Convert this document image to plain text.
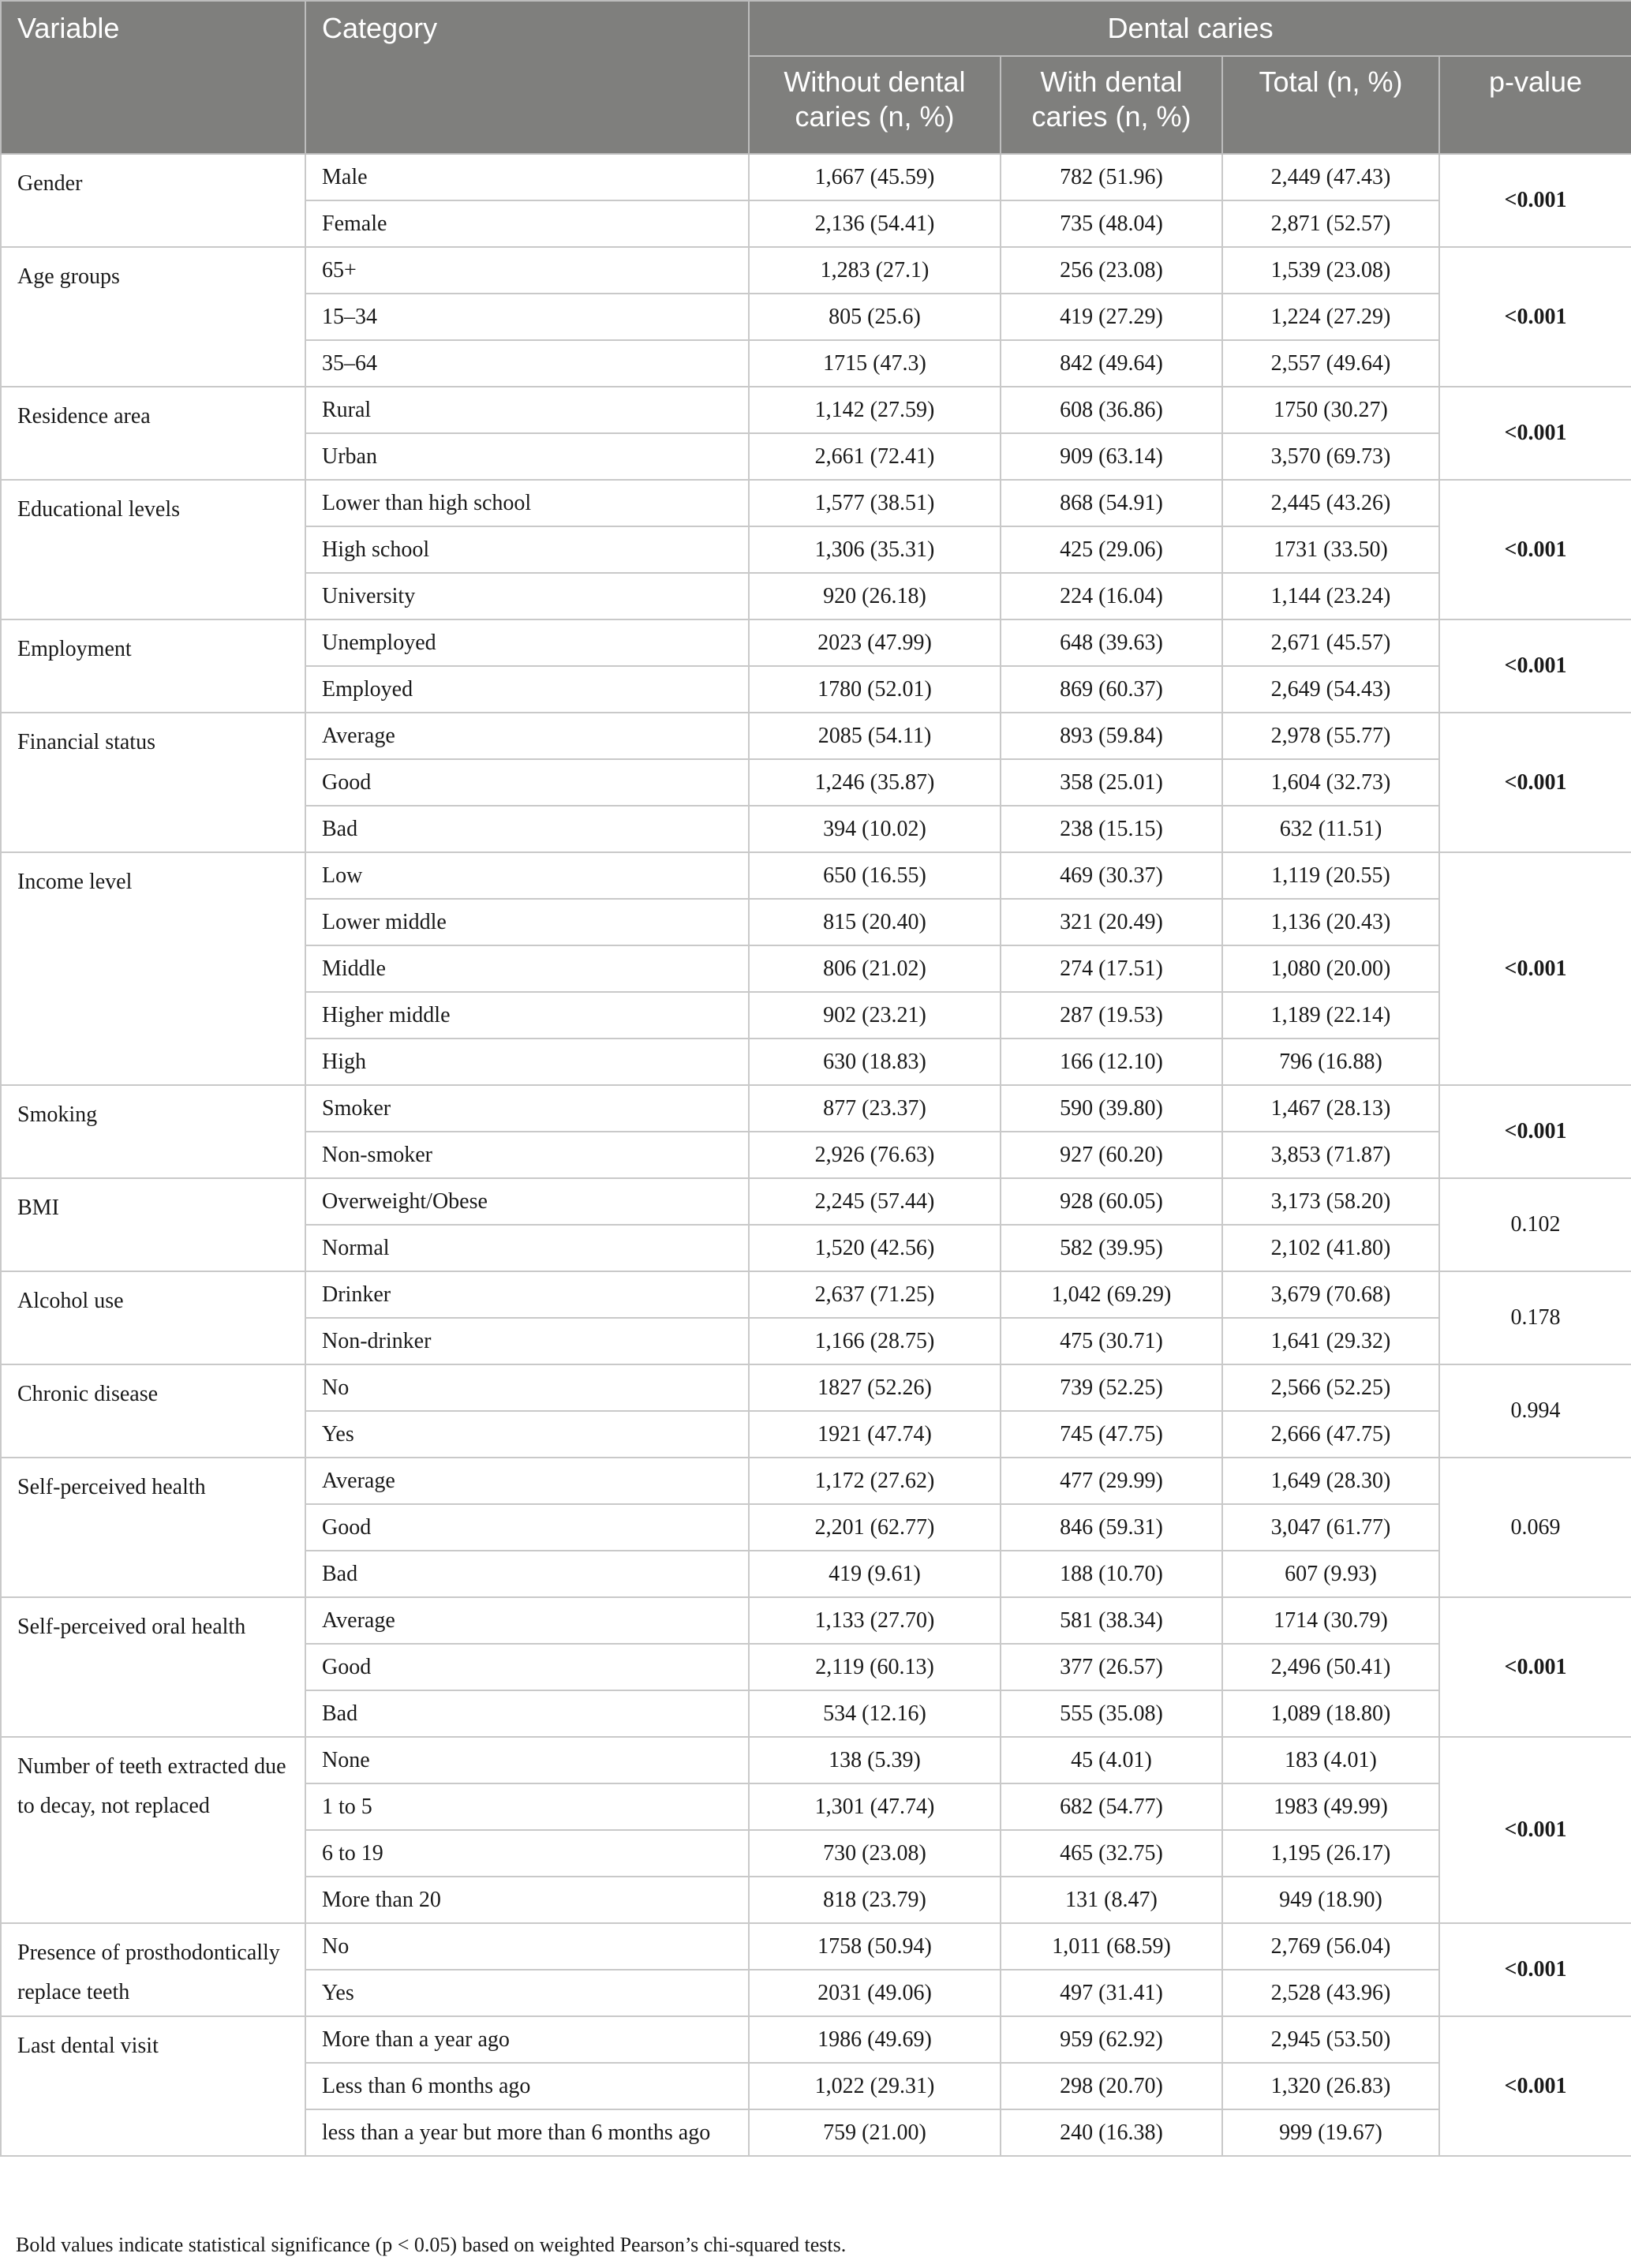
Variable	Category	Dental caries			
		Without dental caries (n, %)	With dental caries (n, %)	Total (n, %)	p-value
Gender	Male	1,667 (45.59)	782 (51.96)	2,449 (47.43)	<0.001
	Female	2,136 (54.41)	735 (48.04)	2,871 (52.57)	
Age groups	65+	1,283 (27.1)	256 (23.08)	1,539 (23.08)	<0.001
	15–34	805 (25.6)	419 (27.29)	1,224 (27.29)	
	35–64	1715 (47.3)	842 (49.64)	2,557 (49.64)	
Residence area	Rural	1,142 (27.59)	608 (36.86)	1750 (30.27)	<0.001
	Urban	2,661 (72.41)	909 (63.14)	3,570 (69.73)	
Educational levels	Lower than high school	1,577 (38.51)	868 (54.91)	2,445 (43.26)	<0.001
	High school	1,306 (35.31)	425 (29.06)	1731 (33.50)	
	University	920 (26.18)	224 (16.04)	1,144 (23.24)	
Employment	Unemployed	2023 (47.99)	648 (39.63)	2,671 (45.57)	<0.001
	Employed	1780 (52.01)	869 (60.37)	2,649 (54.43)	
Financial status	Average	2085 (54.11)	893 (59.84)	2,978 (55.77)	<0.001
	Good	1,246 (35.87)	358 (25.01)	1,604 (32.73)	
	Bad	394 (10.02)	238 (15.15)	632 (11.51)	
Income level	Low	650 (16.55)	469 (30.37)	1,119 (20.55)	<0.001
	Lower middle	815 (20.40)	321 (20.49)	1,136 (20.43)	
	Middle	806 (21.02)	274 (17.51)	1,080 (20.00)	
	Higher middle	902 (23.21)	287 (19.53)	1,189 (22.14)	
	High	630 (18.83)	166 (12.10)	796 (16.88)	
Smoking	Smoker	877 (23.37)	590 (39.80)	1,467 (28.13)	<0.001
	Non-smoker	2,926 (76.63)	927 (60.20)	3,853 (71.87)	
BMI	Overweight/Obese	2,245 (57.44)	928 (60.05)	3,173 (58.20)	0.102
	Normal	1,520 (42.56)	582 (39.95)	2,102 (41.80)	
Alcohol use	Drinker	2,637 (71.25)	1,042 (69.29)	3,679 (70.68)	0.178
	Non-drinker	1,166 (28.75)	475 (30.71)	1,641 (29.32)	
Chronic disease	No	1827 (52.26)	739 (52.25)	2,566 (52.25)	0.994
	Yes	1921 (47.74)	745 (47.75)	2,666 (47.75)	
Self-perceived health	Average	1,172 (27.62)	477 (29.99)	1,649 (28.30)	0.069
	Good	2,201 (62.77)	846 (59.31)	3,047 (61.77)	
	Bad	419 (9.61)	188 (10.70)	607 (9.93)	
Self-perceived oral health	Average	1,133 (27.70)	581 (38.34)	1714 (30.79)	<0.001
	Good	2,119 (60.13)	377 (26.57)	2,496 (50.41)	
	Bad	534 (12.16)	555 (35.08)	1,089 (18.80)	
Number of teeth extracted due to decay, not replaced	None	138 (5.39)	45 (4.01)	183 (4.01)	<0.001
	1 to 5	1,301 (47.74)	682 (54.77)	1983 (49.99)	
	6 to 19	730 (23.08)	465 (32.75)	1,195 (26.17)	
	More than 20	818 (23.79)	131 (8.47)	949 (18.90)	
Presence of prosthodontically replace teeth	No	1758 (50.94)	1,011 (68.59)	2,769 (56.04)	<0.001
	Yes	2031 (49.06)	497 (31.41)	2,528 (43.96)	
Last dental visit	More than a year ago	1986 (49.69)	959 (62.92)	2,945 (53.50)	<0.001
	Less than 6 months ago	1,022 (29.31)	298 (20.70)	1,320 (26.83)	
	less than a year but more than 6 months ago	759 (21.00)	240 (16.38)	999 (19.67)	
Bold values indicate statistical significance (p < 0.05) based on weighted Pearson’s chi-squared tests.
